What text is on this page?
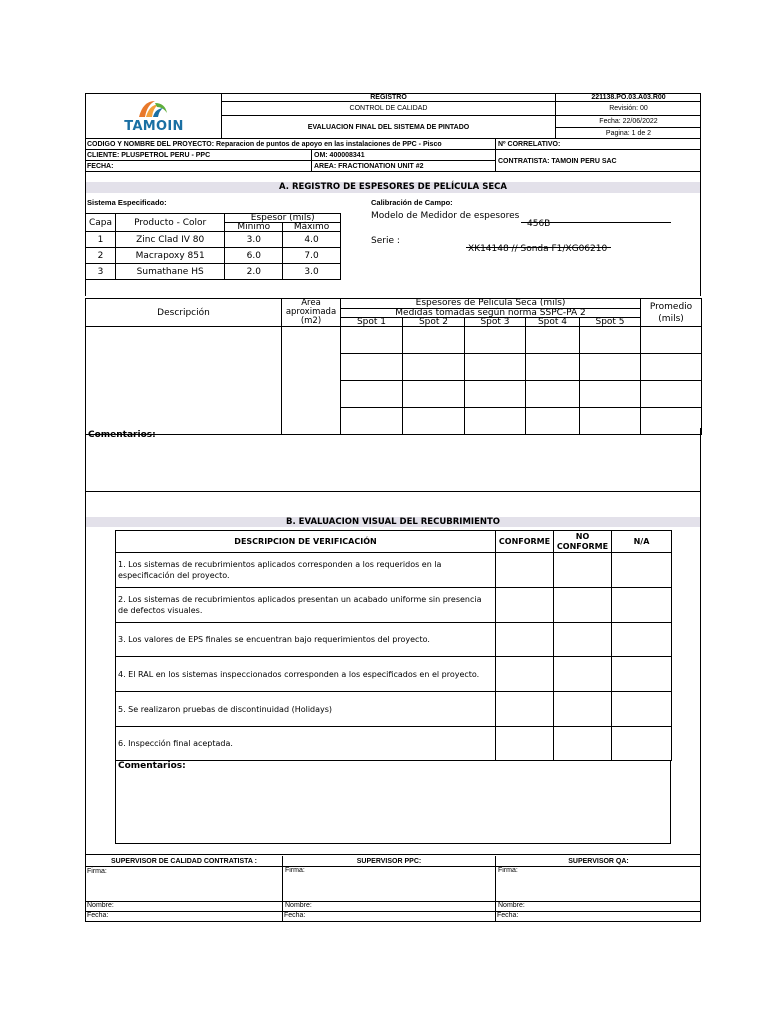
TAMOIN
REGISTRO
CONTROL DE CALIDAD
EVALUACION FINAL DEL SISTEMA DE PINTADO
221138.PO.03.A03.R00
Revisión: 00
Fecha: 22/06/2022
Pagina: 1 de 2
CODIGO Y NOMBRE DEL PROYECTO: Reparacion de puntos de apoyo en las instalaciones de PPC - Pisco	Nº CORRELATIVO:
CLIENTE: PLUSPETROL PERU - PPC	OM: 400008341
CONTRATISTA: TAMOIN PERU SAC
FECHA:	AREA: FRACTIONATION UNIT #2
A. REGISTRO DE ESPESORES DE PELÍCULA SECA
Sistema Especificado:	Calibración de Campo:
Modelo de Medidor de espesores
456B
Serie :
XK14148 // Sonda F1/XG06210
Capa	Producto - Color	Espesor (mils)	
		Minimo	Máximo
1	Zinc Clad IV 80	3.0	4.0
2	Macrapoxy 851	6.0	7.0
3	Sumathane HS	2.0	3.0
Descripción	Area aproximada (m2)	Espesores de Pelicula Seca (mils)					Promedio (mils)
		Medidas tomadas según norma SSPC-PA 2					
		Spot 1	Spot 2	Spot 3	Spot 4	Spot 5	

Comentarios:
B. EVALUACION VISUAL DEL RECUBRIMIENTO
DESCRIPCION DE VERIFICACIÓN	CONFORME	NO CONFORME	N/A
1. Los sistemas de recubrimientos aplicados corresponden a los requeridos en la especificación del proyecto.			
2. Los sistemas de recubrimientos aplicados presentan un acabado uniforme sin presencia de defectos visuales.			
3. Los valores de EPS finales se encuentran bajo requerimientos del proyecto.			
4. El RAL en los sistemas inspeccionados corresponden a los especificados en el proyecto.			
5. Se realizaron pruebas de discontinuidad (Holidays)			
6. Inspección final aceptada.			
Comentarios:
SUPERVISOR DE CALIDAD CONTRATISTA :	SUPERVISOR PPC:	SUPERVISOR QA:
Firma:	Firma:	Firma:
Nombre:	Nombre:	Nombre:
Fecha:	Fecha:	Fecha:
